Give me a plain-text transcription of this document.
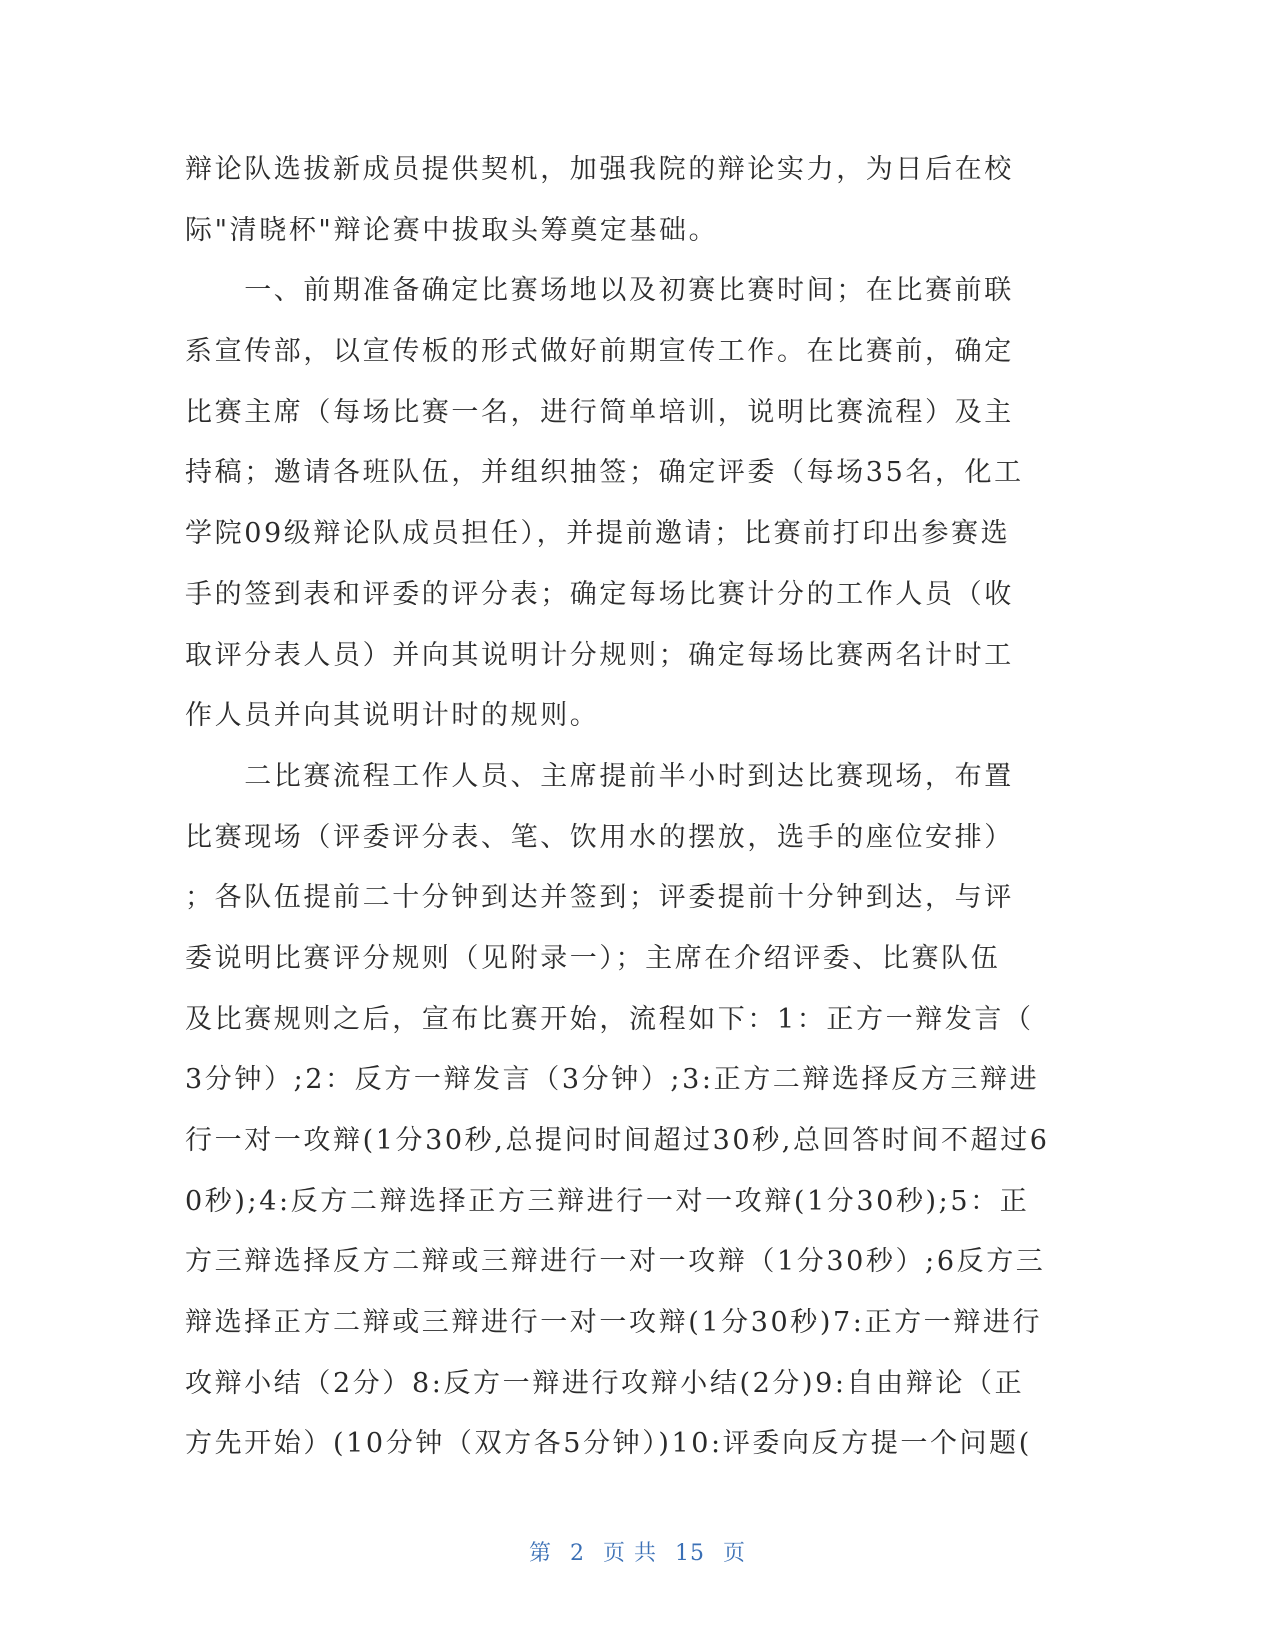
辩论队选拔新成员提供契机，加强我院的辩论实力，为日后在校

际"清晓杯"辩论赛中拔取头筹奠定基础。

　　一、前期准备确定比赛场地以及初赛比赛时间；在比赛前联

系宣传部，以宣传板的形式做好前期宣传工作。在比赛前，确定

比赛主席（每场比赛一名，进行简单培训，说明比赛流程）及主

持稿；邀请各班队伍，并组织抽签；确定评委（每场35名，化工

学院09级辩论队成员担任），并提前邀请；比赛前打印出参赛选

手的签到表和评委的评分表；确定每场比赛计分的工作人员（收

取评分表人员）并向其说明计分规则；确定每场比赛两名计时工

作人员并向其说明计时的规则。

　　二比赛流程工作人员、主席提前半小时到达比赛现场，布置

比赛现场（评委评分表、笔、饮用水的摆放，选手的座位安排）

；各队伍提前二十分钟到达并签到；评委提前十分钟到达，与评

委说明比赛评分规则（见附录一）；主席在介绍评委、比赛队伍

及比赛规则之后，宣布比赛开始，流程如下：1：正方一辩发言（

3分钟）;2：反方一辩发言（3分钟）;3:正方二辩选择反方三辩进

行一对一攻辩(1分30秒,总提问时间超过30秒,总回答时间不超过6

0秒);4:反方二辩选择正方三辩进行一对一攻辩(1分30秒);5：正

方三辩选择反方二辩或三辩进行一对一攻辩（1分30秒）;6反方三

辩选择正方二辩或三辩进行一对一攻辩(1分30秒)7:正方一辩进行

攻辩小结（2分）8:反方一辩进行攻辩小结(2分)9:自由辩论（正

方先开始）(10分钟（双方各5分钟）)10:评委向反方提一个问题(

第 2 页 共 15 页
